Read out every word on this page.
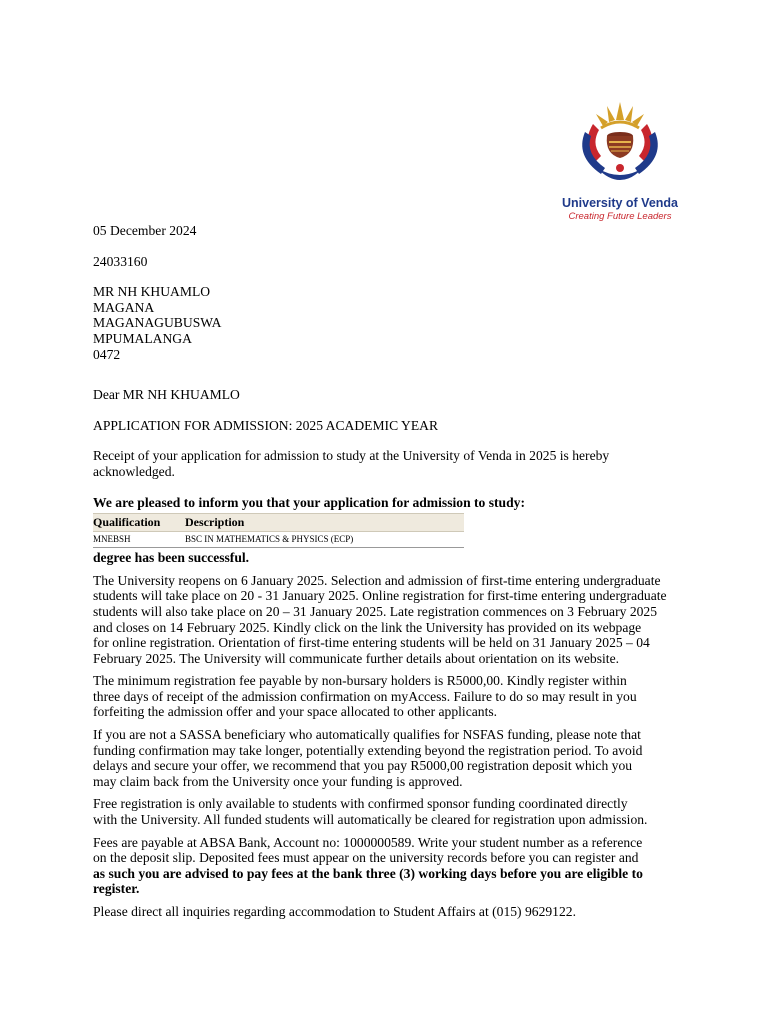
University of Venda
Creating Future Leaders

05 December 2024

24033160

MR NH KHUAMLO
MAGANA
MAGANAGUBUSWA
MPUMALANGA
0472

Dear MR NH KHUAMLO

APPLICATION FOR ADMISSION: 2025 ACADEMIC YEAR

Receipt of your application for admission to study at the University of Venda in 2025 is hereby
acknowledged.

We are pleased to inform you that your application for admission to study:

Qualification	Description
MNEBSH	BSC IN MATHEMATICS & PHYSICS (ECP)

degree has been successful.

The University reopens on 6 January 2025. Selection and admission of first-time entering undergraduate
students will take place on 20 - 31 January 2025. Online registration for first-time entering undergraduate
students will also take place on 20 – 31 January 2025. Late registration commences on 3 February 2025
and closes on 14 February 2025. Kindly click on the link the University has provided on its webpage
for online registration. Orientation of first-time entering students will be held on 31 January 2025 – 04
February 2025. The University will communicate further details about orientation on its website.
The minimum registration fee payable by non-bursary holders is R5000,00. Kindly register within
three days of receipt of the admission confirmation on myAccess. Failure to do so may result in you
forfeiting the admission offer and your space allocated to other applicants.
If you are not a SASSA beneficiary who automatically qualifies for NSFAS funding, please note that
funding confirmation may take longer, potentially extending beyond the registration period. To avoid
delays and secure your offer, we recommend that you pay R5000,00 registration deposit which you
may claim back from the University once your funding is approved.
Free registration is only available to students with confirmed sponsor funding coordinated directly
with the University. All funded students will automatically be cleared for registration upon admission.
Fees are payable at ABSA Bank, Account no: 1000000589. Write your student number as a reference
on the deposit slip. Deposited fees must appear on the university records before you can register and
as such you are advised to pay fees at the bank three (3) working days before you are eligible to
register.

Please direct all inquiries regarding accommodation to Student Affairs at (015) 9629122.
